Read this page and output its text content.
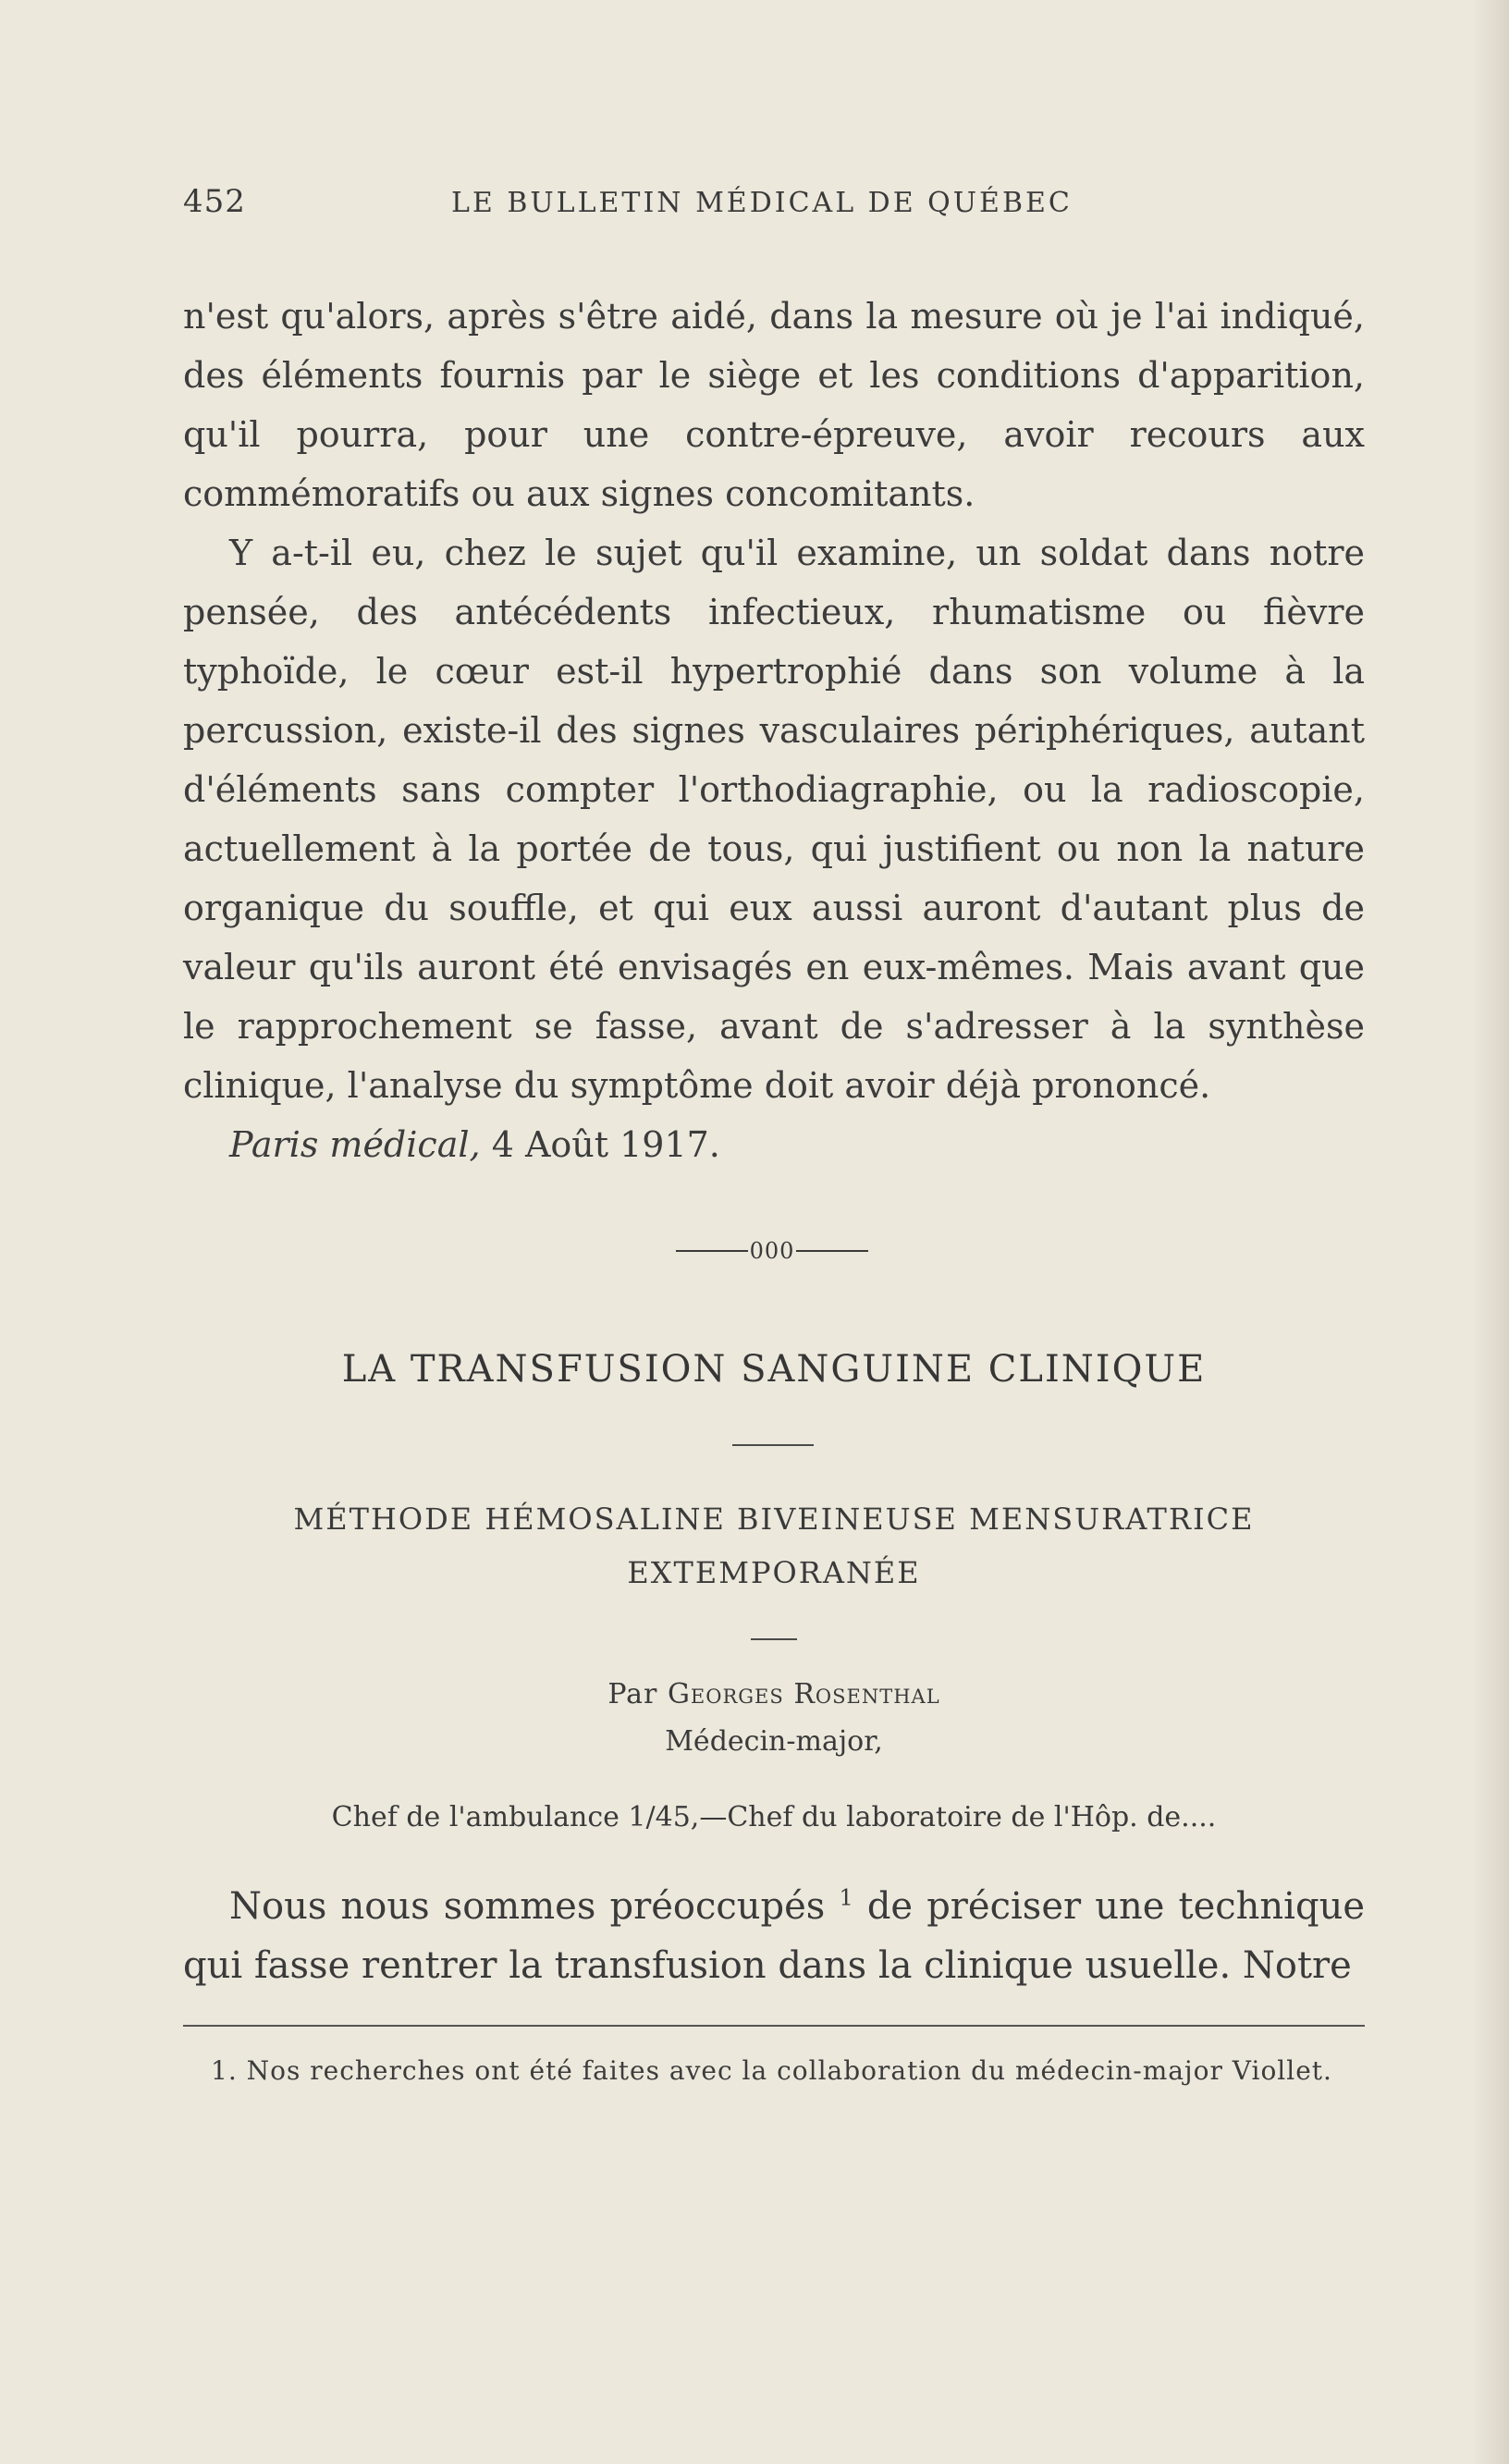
452	LE BULLETIN MÉDICAL DE QUÉBEC

n'est qu'alors, après s'être aidé, dans la mesure où je l'ai indiqué, des éléments fournis par le siège et les conditions d'apparition, qu'il pourra, pour une contre-épreuve, avoir recours aux commémoratifs ou aux signes concomitants.

Y a-t-il eu, chez le sujet qu'il examine, un soldat dans notre pensée, des antécédents infectieux, rhumatisme ou fièvre typhoïde, le cœur est-il hypertrophié dans son volume à la percussion, existe-il des signes vasculaires périphériques, autant d'éléments sans compter l'orthodiagraphie, ou la radioscopie, actuellement à la portée de tous, qui justifient ou non la nature organique du souffle, et qui eux aussi auront d'autant plus de valeur qu'ils auront été envisagés en eux-mêmes. Mais avant que le rapprochement se fasse, avant de s'adresser à la synthèse clinique, l'analyse du symptôme doit avoir déjà prononcé.

Paris médical, 4 Août 1917.

000
LA TRANSFUSION SANGUINE CLINIQUE
MÉTHODE HÉMOSALINE BIVEINEUSE MENSURATRICE
EXTEMPORANÉE
Par Georges Rosenthal
Médecin-major,
Chef de l'ambulance 1/45,—Chef du laboratoire de l'Hôp. de....

Nous nous sommes préoccupés $^1$ de préciser une technique qui fasse rentrer la transfusion dans la clinique usuelle. Notre

1. Nos recherches ont été faites avec la collaboration du médecin-major Viollet.
